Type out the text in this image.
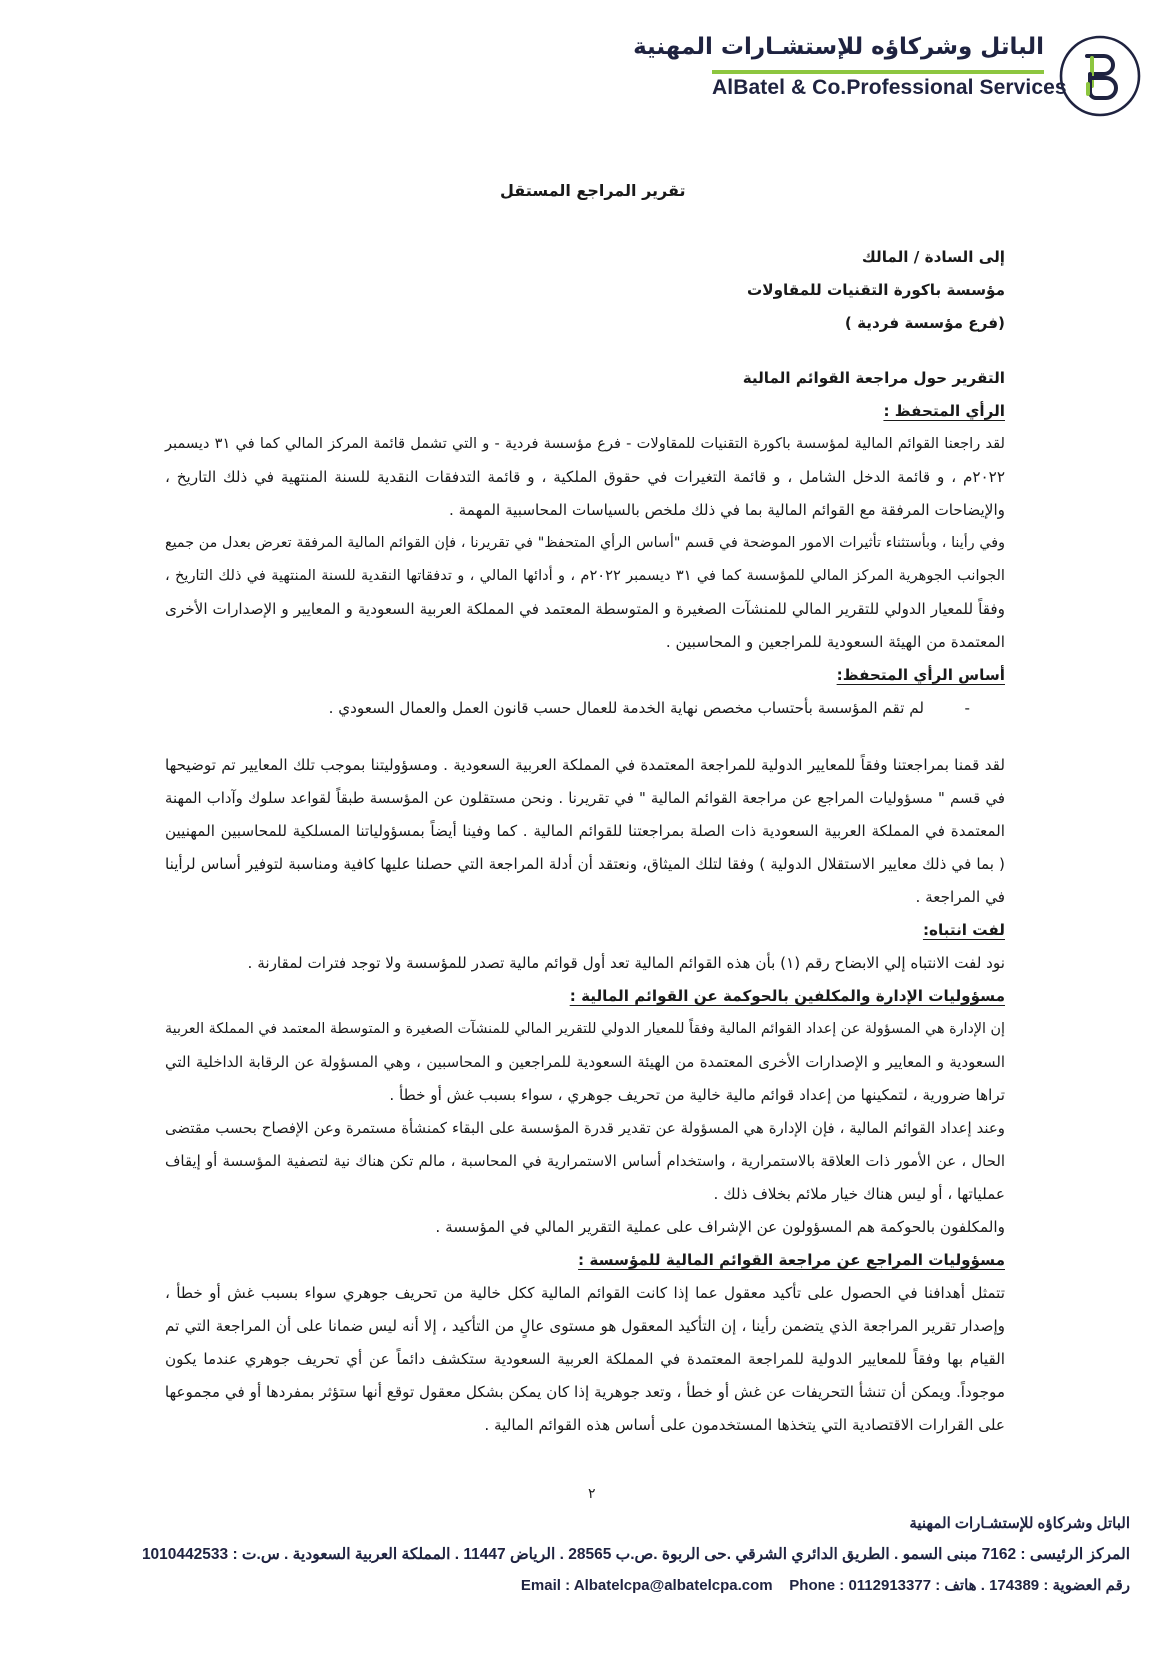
الباتل وشركاؤه للإستشـارات المهنية
AlBatel & Co.Professional Services
تقرير المراجع المستقل
إلى السادة / المالك
مؤسسة باكورة التقنيات للمقاولات
(فرع مؤسسة فردية )
التقرير حول مراجعة القوائم المالية
الرأي المتحفظ :
لقد راجعنا القوائم المالية لمؤسسة باكورة التقنيات للمقاولات - فرع مؤسسة فردية - و التي تشمل قائمة المركز المالي كما في ٣١ ديسمبر
٢٠٢٢م ، و قائمة الدخل الشامل ، و قائمة التغيرات في حقوق الملكية ، و قائمة التدفقات النقدية للسنة المنتهية في ذلك التاريخ ،
والإيضاحات المرفقة مع القوائم المالية بما في ذلك ملخص بالسياسات المحاسبية المهمة .
وفي رأينا ، وبأستثناء تأثيرات الامور الموضحة في قسم "أساس الرأي المتحفظ" في تقريرنا ، فإن القوائم المالية المرفقة تعرض بعدل من جميع
الجوانب الجوهرية المركز المالي للمؤسسة كما في ٣١ ديسمبر ٢٠٢٢م ، و أدائها المالي ، و تدفقاتها النقدية للسنة المنتهية في ذلك التاريخ ،
وفقاً للمعيار الدولي للتقرير المالي للمنشآت الصغيرة و المتوسطة المعتمد في المملكة العربية السعودية و المعايير و الإصدارات الأخرى
المعتمدة من الهيئة السعودية للمراجعين و المحاسبين .
أساس الرأي المتحفظ:
-
لم تقم المؤسسة بأحتساب مخصص نهاية الخدمة للعمال حسب قانون العمل والعمال السعودي .
لقد قمنا بمراجعتنا وفقاً للمعايير الدولية للمراجعة المعتمدة في المملكة العربية السعودية . ومسؤوليتنا بموجب تلك المعايير تم توضيحها
في قسم " مسؤوليات المراجع عن مراجعة القوائم المالية " في تقريرنا . ونحن مستقلون عن المؤسسة طبقاً لقواعد سلوك وآداب المهنة
المعتمدة في المملكة العربية السعودية ذات الصلة بمراجعتنا للقوائم المالية . كما وفينا أيضاً بمسؤولياتنا المسلكية للمحاسبين المهنيين
( بما في ذلك معايير الاستقلال الدولية ) وفقا لتلك الميثاق، ونعتقد أن أدلة المراجعة التي حصلنا عليها كافية ومناسبة لتوفير أساس لرأينا
في المراجعة .
لفت انتباه:
نود لفت الانتباه إلي الابضاح رقم (١) بأن هذه القوائم المالية تعد أول قوائم مالية تصدر للمؤسسة ولا توجد فترات لمقارنة .
مسؤوليات الإدارة والمكلفين بالحوكمة عن القوائم المالية :
إن الإدارة هي المسؤولة عن إعداد القوائم المالية وفقاً للمعيار الدولي للتقرير المالي للمنشآت الصغيرة و المتوسطة المعتمد في المملكة العربية
السعودية و المعايير و الإصدارات الأخرى المعتمدة من الهيئة السعودية للمراجعين و المحاسبين ، وهي المسؤولة عن الرقابة الداخلية التي
تراها ضرورية ، لتمكينها من إعداد قوائم مالية خالية من تحريف جوهري ، سواء بسبب غش أو خطأ .
وعند إعداد القوائم المالية ، فإن الإدارة هي المسؤولة عن تقدير قدرة المؤسسة على البقاء كمنشأة مستمرة وعن الإفصاح بحسب مقتضى
الحال ، عن الأمور ذات العلاقة بالاستمرارية ، واستخدام أساس الاستمرارية في المحاسبة ، مالم تكن هناك نية لتصفية المؤسسة أو إيقاف
عملياتها ، أو ليس هناك خيار ملائم بخلاف ذلك .
والمكلفون بالحوكمة هم المسؤولون عن الإشراف على عملية التقرير المالي في المؤسسة .
مسؤوليات المراجع عن مراجعة القوائم المالية للمؤسسة :
تتمثل أهدافنا في الحصول على تأكيد معقول عما إذا كانت القوائم المالية ككل خالية من تحريف جوهري سواء بسبب غش أو خطأ ،
وإصدار تقرير المراجعة الذي يتضمن رأينا ، إن التأكيد المعقول هو مستوى عالٍ من التأكيد ، إلا أنه ليس ضمانا على أن المراجعة التي تم
القيام بها وفقاً للمعايير الدولية للمراجعة المعتمدة في المملكة العربية السعودية ستكشف دائماً عن أي تحريف جوهري عندما يكون
موجوداً. ويمكن أن تنشأ التحريفات عن غش أو خطأ ، وتعد جوهرية إذا كان يمكن بشكل معقول توقع أنها ستؤثر بمفردها أو في مجموعها
على القرارات الاقتصادية التي يتخذها المستخدمون على أساس هذه القوائم المالية .
٢
الباتل وشركاؤه للإستشـارات المهنية
المركز الرئيسى : 7162 مبنى السمو . الطريق الدائري الشرقي .حى الربوة .ص.ب 28565 . الرياض 11447 . المملكة العربية السعودية . س.ت : 1010442533
رقم العضوية : 174389 . هاتف : Email : Albatelcpa@albatelcpa.com Phone : 0112913377
